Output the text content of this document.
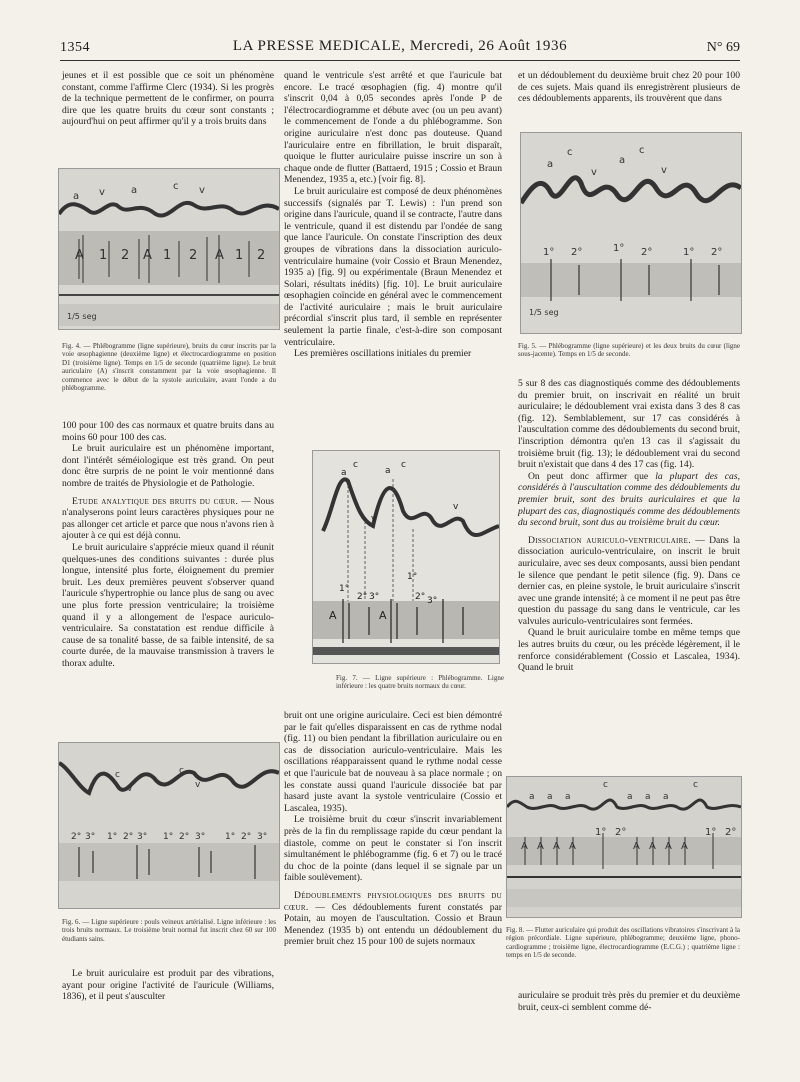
1354	LA PRESSE MEDICALE, Mercredi, 26 Août 1936	N° 69

jeunes et il est possible que ce soit un phénomène constant, comme l'affirme Clerc (1934). Si les progrès de la technique permettent de le confirmer, on pourra dire que les quatre bruits du cœur sont constants ; aujourd'hui on peut affirmer qu'il y a trois bruits dans

a v	a	c v
A 1 2 A 1 2 A 1 2
1/5 seg
Fig. 4. — Phlébogramme (ligne supérieure), bruits du cœur inscrits par la voie œsophagienne (deuxième ligne) et électrocardiogramme en position D1 (troisième ligne). Temps en 1/5 de seconde (quatrième ligne). Le bruit auriculaire (A) s'inscrit constamment par la voie œsophagienne. Il commence avec le début de la systole auriculaire, avant l'onde a du phlébogramme.

100 pour 100 des cas normaux et quatre bruits dans au moins 60 pour 100 des cas.

Le bruit auriculaire est un phénomène important, dont l'intérêt séméiologique est très grand. On peut donc être surpris de ne point le voir mentionné dans nombre de traités de Physiologie et de Pathologie.

Etude analytique des bruits du cœur. — Nous n'analyserons point leurs caractères physiques pour ne pas allonger cet article et parce que nous n'avons rien à ajouter à ce qui est déjà connu.

Le bruit auriculaire s'apprécie mieux quand il réunit quelques-unes des conditions suivantes : durée plus longue, intensité plus forte, éloignement du premier bruit. Les deux premières peuvent s'observer quand l'auricule s'hypertrophie ou lance plus de sang ou avec une plus forte pression ventriculaire; la troisième quand il y a allongement de l'espace auriculo-ventriculaire. Sa constatation est rendue difficile à cause de sa tonalité basse, de sa faible intensité, de sa courte durée, de la mauvaise transmission à travers le thorax adulte.

c
v
c
v
2° 3° 1° 2° 3° 1° 2° 3° 1° 2° 3°
Fig. 6. — Ligne supérieure : pouls veineux artérialisé. Ligne inférieure : les trois bruits normaux. Le troisième bruit normal fut inscrit chez 60 sur 100 étudiants sains.

Le bruit auriculaire est produit par des vibrations, ayant pour origine l'activité de l'auricule (Williams, 1836), et il peut s'ausculter

quand le ventricule s'est arrêté et que l'auricule bat encore. Le tracé œsophagien (fig. 4) montre qu'il s'inscrit 0,04 à 0,05 secondes après l'onde P de l'électrocardiogramme et débute avec (ou un peu avant) le commencement de l'onde a du phlébogramme. Son origine auriculaire n'est donc pas douteuse. Quand l'auriculaire entre en fibrillation, le bruit disparaît, quoique le flutter auriculaire puisse inscrire un son à chaque onde de flutter (Battaerd, 1915 ; Cossio et Braun Menendez, 1935 a, etc.) [voir fig. 8].

Le bruit auriculaire est composé de deux phénomènes successifs (signalés par T. Lewis) : l'un prend son origine dans l'auricule, quand il se contracte, l'autre dans le ventricule, quand il est distendu par l'ondée de sang que lance l'auricule. On constate l'inscription des deux groupes de vibrations dans la dissociation auriculo-ventriculaire humaine (voir Cossio et Braun Menendez, 1935 a) [fig. 9] ou expérimentale (Braun Menendez et Solari, résultats inédits) [fig. 10]. Le bruit auriculaire œsophagien coïncide en général avec le commencement de l'activité auriculaire ; mais le bruit auriculaire précordial s'inscrit plus tard, il semble en représenter seulement la partie finale, c'est-à-dire son composant ventriculaire.

Les premières oscillations initiales du premier

a
c
v
a
c
v
1°
2° 3°
1°
2° 3°
A	A
Fig. 7. — Ligne supérieure : Phlébogramme. Ligne inférieure : les quatre bruits normaux du cœur.

bruit ont une origine auriculaire. Ceci est bien démontré par le fait qu'elles disparaissent en cas de rythme nodal (fig. 11) ou bien pendant la fibrillation auriculaire ou en cas de dissociation auriculo-ventriculaire. Mais les oscillations réapparaissent quand le rythme nodal cesse et que l'auricule bat de nouveau à sa place normale ; on les constate aussi quand l'auricule dissociée bat par hasard juste avant la systole ventriculaire (Cossio et Lascalea, 1935).

Le troisième bruit du cœur s'inscrit invariablement près de la fin du remplissage rapide du cœur pendant la diastole, comme on peut le constater si l'on inscrit simultanément le phlébogramme (fig. 6 et 7) ou le tracé du choc de la pointe (dans lequel il se signale par un faible soulèvement).

Dédoublements physiologiques des bruits du cœur. — Ces dédoublements furent constatés par Potain, au moyen de l'auscultation. Cossio et Braun Menendez (1935 b) ont entendu un dédoublement du premier bruit chez 15 pour 100 de sujets normaux

et un dédoublement du deuxième bruit chez 20 pour 100 de ces sujets. Mais quand ils enregistrèrent plusieurs de ces dédoublements apparents, ils trouvèrent que dans

a
c
v
a
c
v
1° 2°	1° 2°	1° 2°
1/5 seg
Fig. 5. — Phlébogramme (ligne supérieure) et les deux bruits du cœur (ligne sous-jacente). Temps en 1/5 de seconde.

5 sur 8 des cas diagnostiqués comme des dédoublements du premier bruit, on inscrivait en réalité un bruit auriculaire; le dédoublement vrai exista dans 3 des 8 cas (fig. 12). Semblablement, sur 17 cas considérés à l'auscultation comme des dédoublements du second bruit, l'inscription démontra qu'en 13 cas il s'agissait du troisième bruit (fig. 13); le dédoublement vrai du second bruit n'existait que dans 4 des 17 cas (fig. 14).

On peut donc affirmer que la plupart des cas, considérés à l'auscultation comme des dédoublements du premier bruit, sont des bruits auriculaires et que la plupart des cas, diagnostiqués comme des dédoublements du second bruit, sont dus au troisième bruit du cœur.

Dissociation auriculo-ventriculaire. — Dans la dissociation auriculo-ventriculaire, on inscrit le bruit auriculaire, avec ses deux composants, aussi bien pendant le silence que pendant le petit silence (fig. 9). Dans ce dernier cas, en pleine systole, le bruit auriculaire s'inscrit avec une grande intensité; à ce moment il ne peut pas être question du passage du sang dans le ventricule, car les valvules auriculo-ventriculaires sont fermées.

Quand le bruit auriculaire tombe en même temps que les autres bruits du cœur, ou les précède légèrement, il le renforce considérablement (Cossio et Lascalea, 1934). Quand le bruit

c
a a a
c
a a a
A A A A
1° 2°
A A A A
1° 2°
Fig. 8. — Flutter auriculaire qui produit des oscillations vibratoires s'inscrivant à la région précordiale. Ligne supérieure, phlébogramme; deuxième ligne, phono-cardiogramme ; troisième ligne, électrocardiogramme (E.C.G.) ; quatrième ligne : temps en 1/5 de seconde.

auriculaire se produit très près du premier et du deuxième bruit, ceux-ci semblent comme dé-
